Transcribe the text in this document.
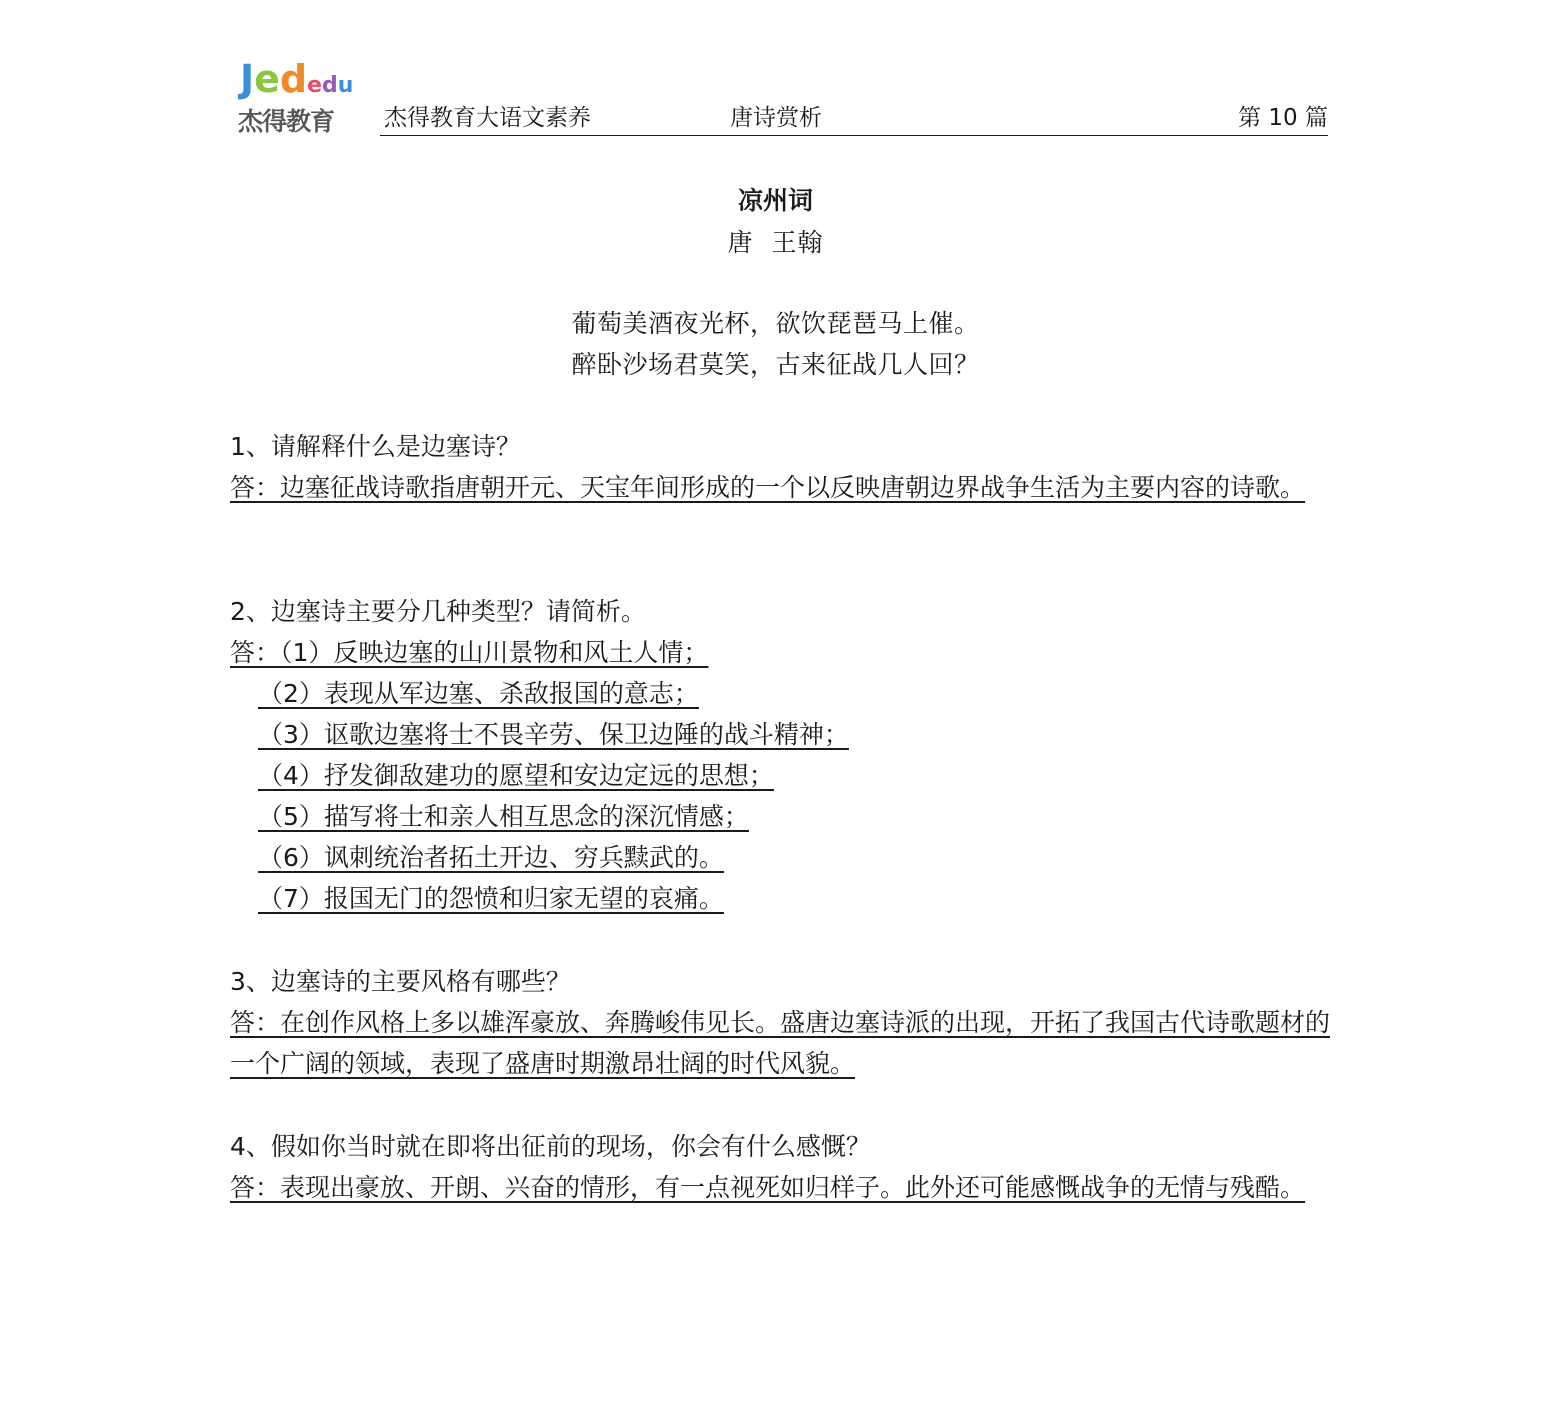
Jededu
杰得教育 杰得教育大语文素养	唐诗赏析	第 10 篇
凉州词
唐  王翰
葡萄美酒夜光杯，欲饮琵琶马上催。
醉卧沙场君莫笑，古来征战几人回？
1、请解释什么是边塞诗？
答：边塞征战诗歌指唐朝开元、天宝年间形成的一个以反映唐朝边界战争生活为主要内容的诗歌。
2、边塞诗主要分几种类型？请简析。
答：（1）反映边塞的山川景物和风土人情；
（2）表现从军边塞、杀敌报国的意志；
（3）讴歌边塞将士不畏辛劳、保卫边陲的战斗精神；
（4）抒发御敌建功的愿望和安边定远的思想；
（5）描写将士和亲人相互思念的深沉情感；
（6）讽刺统治者拓土开边、穷兵黩武的。
（7）报国无门的怨愤和归家无望的哀痛。
3、边塞诗的主要风格有哪些？
答：在创作风格上多以雄浑豪放、奔腾峻伟见长。盛唐边塞诗派的出现，开拓了我国古代诗歌题材的一个广阔的领域，表现了盛唐时期激昂壮阔的时代风貌。
4、假如你当时就在即将出征前的现场，你会有什么感慨？
答：表现出豪放、开朗、兴奋的情形，有一点视死如归样子。此外还可能感慨战争的无情与残酷。
